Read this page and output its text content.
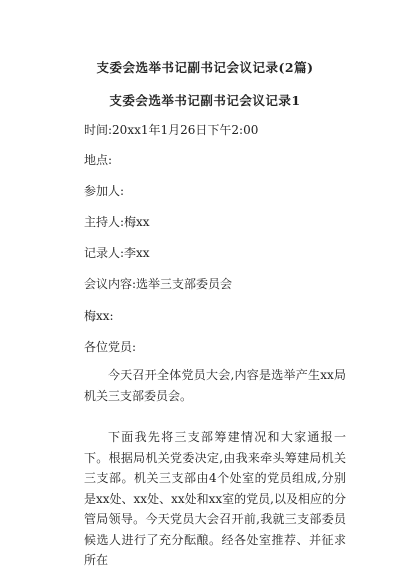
支委会选举书记副书记会议记录(2篇)
支委会选举书记副书记会议记录1
时间:20xx1年1月26日下午2:00
地点:
参加人:
主持人:梅xx
记录人:李xx
会议内容:选举三支部委员会
梅xx:
各位党员:
今天召开全体党员大会,内容是选举产生xx局机关三支部委员会。
下面我先将三支部筹建情况和大家通报一下。根据局机关党委决定,由我来牵头筹建局机关三支部。机关三支部由4个处室的党员组成,分别是xx处、xx处、xx处和xx室的党员,以及相应的分管局领导。今天党员大会召开前,我就三支部委员候选人进行了充分酝酿。经各处室推荐、并征求所在
